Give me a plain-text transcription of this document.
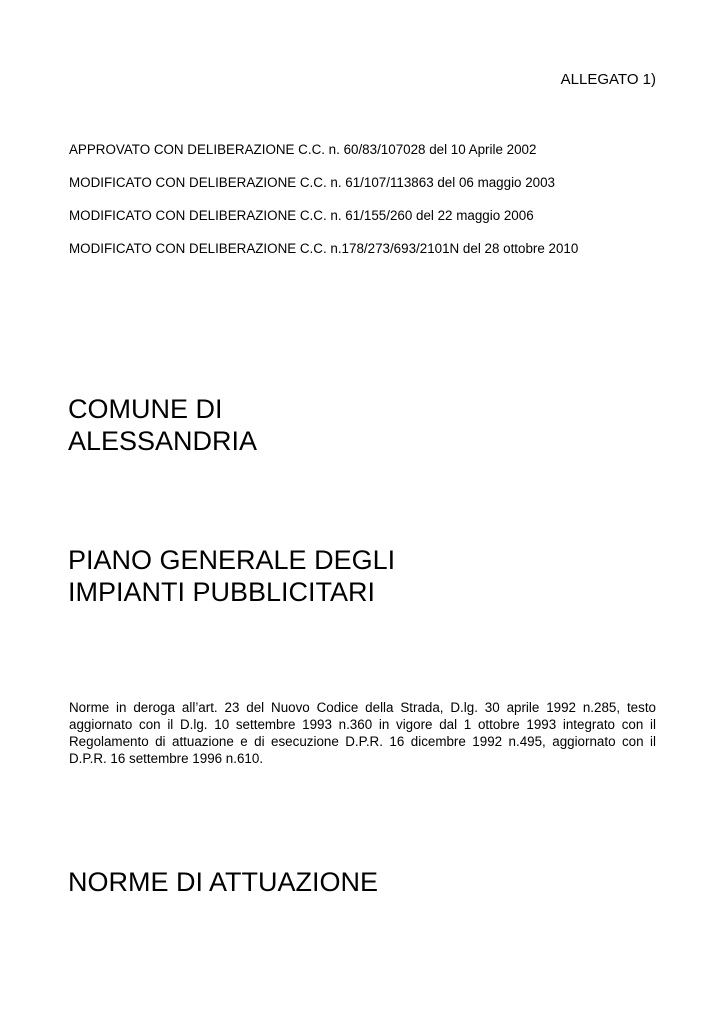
ALLEGATO 1)
APPROVATO CON DELIBERAZIONE C.C. n. 60/83/107028 del 10 Aprile 2002
MODIFICATO CON DELIBERAZIONE C.C. n. 61/107/113863 del 06 maggio 2003
MODIFICATO CON DELIBERAZIONE C.C. n. 61/155/260 del 22 maggio 2006
MODIFICATO CON DELIBERAZIONE C.C. n.178/273/693/2101N del 28 ottobre 2010
COMUNE DI
ALESSANDRIA
PIANO GENERALE DEGLI
IMPIANTI PUBBLICITARI

Norme in deroga all’art. 23 del Nuovo Codice della Strada, D.lg. 30 aprile 1992 n.285, testo aggiornato con il D.lg. 10 settembre 1993 n.360 in vigore dal 1 ottobre 1993 integrato con il Regolamento di attuazione e di esecuzione D.P.R. 16 dicembre 1992 n.495, aggiornato con il D.P.R. 16 settembre 1996 n.610.

NORME DI ATTUAZIONE
